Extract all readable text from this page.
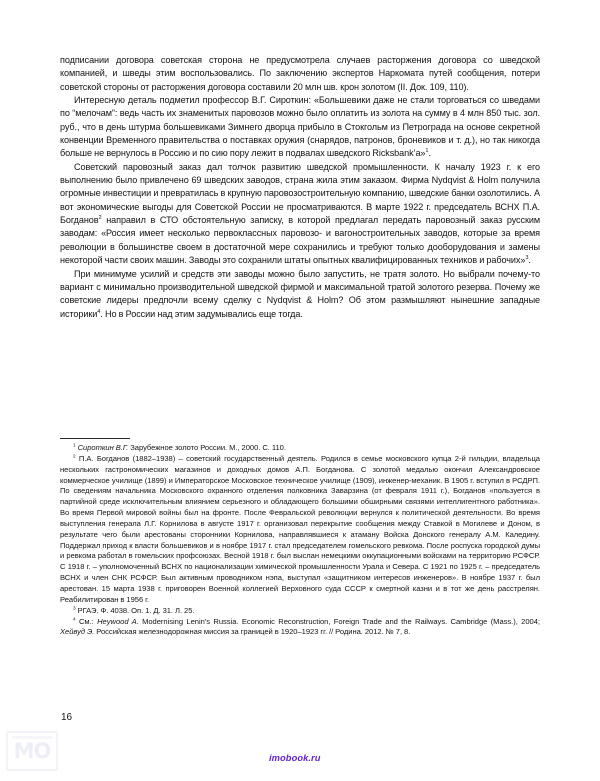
подписании договора советская сторона не предусмотрела случаев расторжения договора со шведской компанией, и шведы этим воспользовались. По заключению экспертов Наркомата путей сообщения, потери советской стороны от расторжения договора составили 20 млн шв. крон золотом (II. Док. 109, 110).

Интересную деталь подметил профессор В.Г. Сироткин: «Большевики даже не стали торговаться со шведами по “мелочам”: ведь часть их знаменитых паровозов можно было оплатить из золота на сумму в 4 млн 850 тыс. зол. руб., что в день штурма большевиками Зимнего дворца прибыло в Стокгольм из Петрограда на основе секретной конвенции Временного правительства о поставках оружия (снарядов, патронов, броневиков и т. д.), но так никогда больше не вернулось в Россию и по сию пору лежит в подвалах шведского Ricksbank’a»$^1$.

Советский паровозный заказ дал толчок развитию шведской промышленности. К началу 1923 г. к его выполнению было привлечено 69 шведских заводов, страна жила этим заказом. Фирма Nydqvist & Holm получила огромные инвестиции и превратилась в крупную паровозостроительную компанию, шведские банки озолотились. А вот экономические выгоды для Советской России не просматриваются. В марте 1922 г. председатель ВСНХ П.А. Богданов$^2$ направил в СТО обстоятельную записку, в которой предлагал передать паровозный заказ русским заводам: «Россия имеет несколько первоклассных паровозо- и вагоностроительных заводов, которые за время революции в большинстве своем в достаточной мере сохранились и требуют только дооборудования и замены некоторой части своих машин. Заводы это сохранили штаты опытных квалифицированных техников и рабочих»$^3$.

При минимуме усилий и средств эти заводы можно было запустить, не тратя золото. Но выбрали почему-то вариант с минимально производительной шведской фирмой и максимальной тратой золотого резерва. Почему же советские лидеры предпочли всему сделку с Nydqvist & Holm? Об этом размышляют нынешние западные историки$^4$. Но в России над этим задумывались еще тогда.

$^1$ Сироткин В.Г. Зарубежное золото России. М., 2000. С. 110.

$^2$ П.А. Богданов (1882–1938) – советский государственный деятель. Родился в семье московского купца 2-й гильдии, владельца нескольких гастрономических магазинов и доходных домов А.П. Богданова. С золотой медалью окончил Александровское коммерческое училище (1899) и Императорское Московское техническое училище (1909), инженер-механик. В 1905 г. вступил в РСДРП. По сведениям начальника Московского охранного отделения полковника Заварзина (от февраля 1911 г.), Богданов «пользуется в партийной среде исключительным влиянием серьезного и обладающего большими обширными связями интеллигентного работника». Во время Первой мировой войны был на фронте. После Февральской революции вернулся к политической деятельности. Во время выступления генерала Л.Г. Корнилова в августе 1917 г. организовал перекрытие сообщения между Ставкой в Могилеве и Доном, в результате чего были арестованы сторонники Корнилова, направлявшиеся к атаману Войска Донского генералу А.М. Каледину. Поддержал приход к власти большевиков и в ноябре 1917 г. стал председателем гомельского ревкома. После роспуска городской думы и ревкома работал в гомельских профсоюзах. Весной 1918 г. был выслан немецкими оккупационными войсками на территорию РСФСР. С 1918 г. – уполномоченный ВСНХ по национализации химической промышленности Урала и Севера. С 1921 по 1925 г. – председатель ВСНХ и член СНК РСФСР. Был активным проводником нэпа, выступал «защитником интересов инженеров». В ноябре 1937 г. был арестован. 15 марта 1938 г. приговорен Военной коллегией Верховного суда СССР к смертной казни и в тот же день расстрелян. Реабилитирован в 1956 г.

$^3$ РГАЭ. Ф. 4038. Оп. 1. Д. 31. Л. 25.

$^4$ См.: Heywood A. Modernising Lenin’s Russia. Economic Reconstruction, Foreign Trade and the Railways. Cambridge (Mass.), 2004; Хейвуд Э. Российская железнодорожная миссия за границей в 1920–1923 гг. // Родина. 2012. № 7, 8.

16
MO	imobook.ru
